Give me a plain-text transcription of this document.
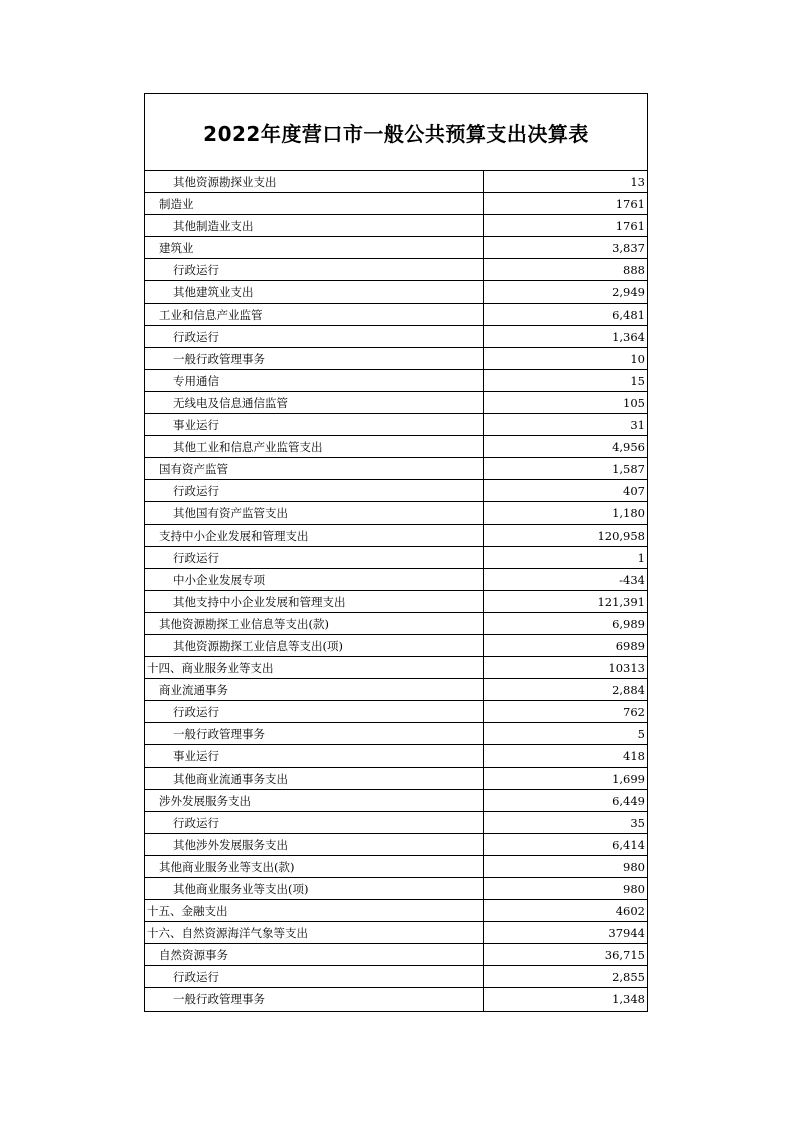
2022年度营口市一般公共预算支出决算表
其他资源勘探业支出	13
制造业	1761
其他制造业支出	1761
建筑业	3,837
行政运行	888
其他建筑业支出	2,949
工业和信息产业监管	6,481
行政运行	1,364
一般行政管理事务	10
专用通信	15
无线电及信息通信监管	105
事业运行	31
其他工业和信息产业监管支出	4,956
国有资产监管	1,587
行政运行	407
其他国有资产监管支出	1,180
支持中小企业发展和管理支出	120,958
行政运行	1
中小企业发展专项	-434
其他支持中小企业发展和管理支出	121,391
其他资源勘探工业信息等支出(款)	6,989
其他资源勘探工业信息等支出(项)	6989
十四、商业服务业等支出	10313
商业流通事务	2,884
行政运行	762
一般行政管理事务	5
事业运行	418
其他商业流通事务支出	1,699
涉外发展服务支出	6,449
行政运行	35
其他涉外发展服务支出	6,414
其他商业服务业等支出(款)	980
其他商业服务业等支出(项)	980
十五、金融支出	4602
十六、自然资源海洋气象等支出	37944
自然资源事务	36,715
行政运行	2,855
一般行政管理事务	1,348
